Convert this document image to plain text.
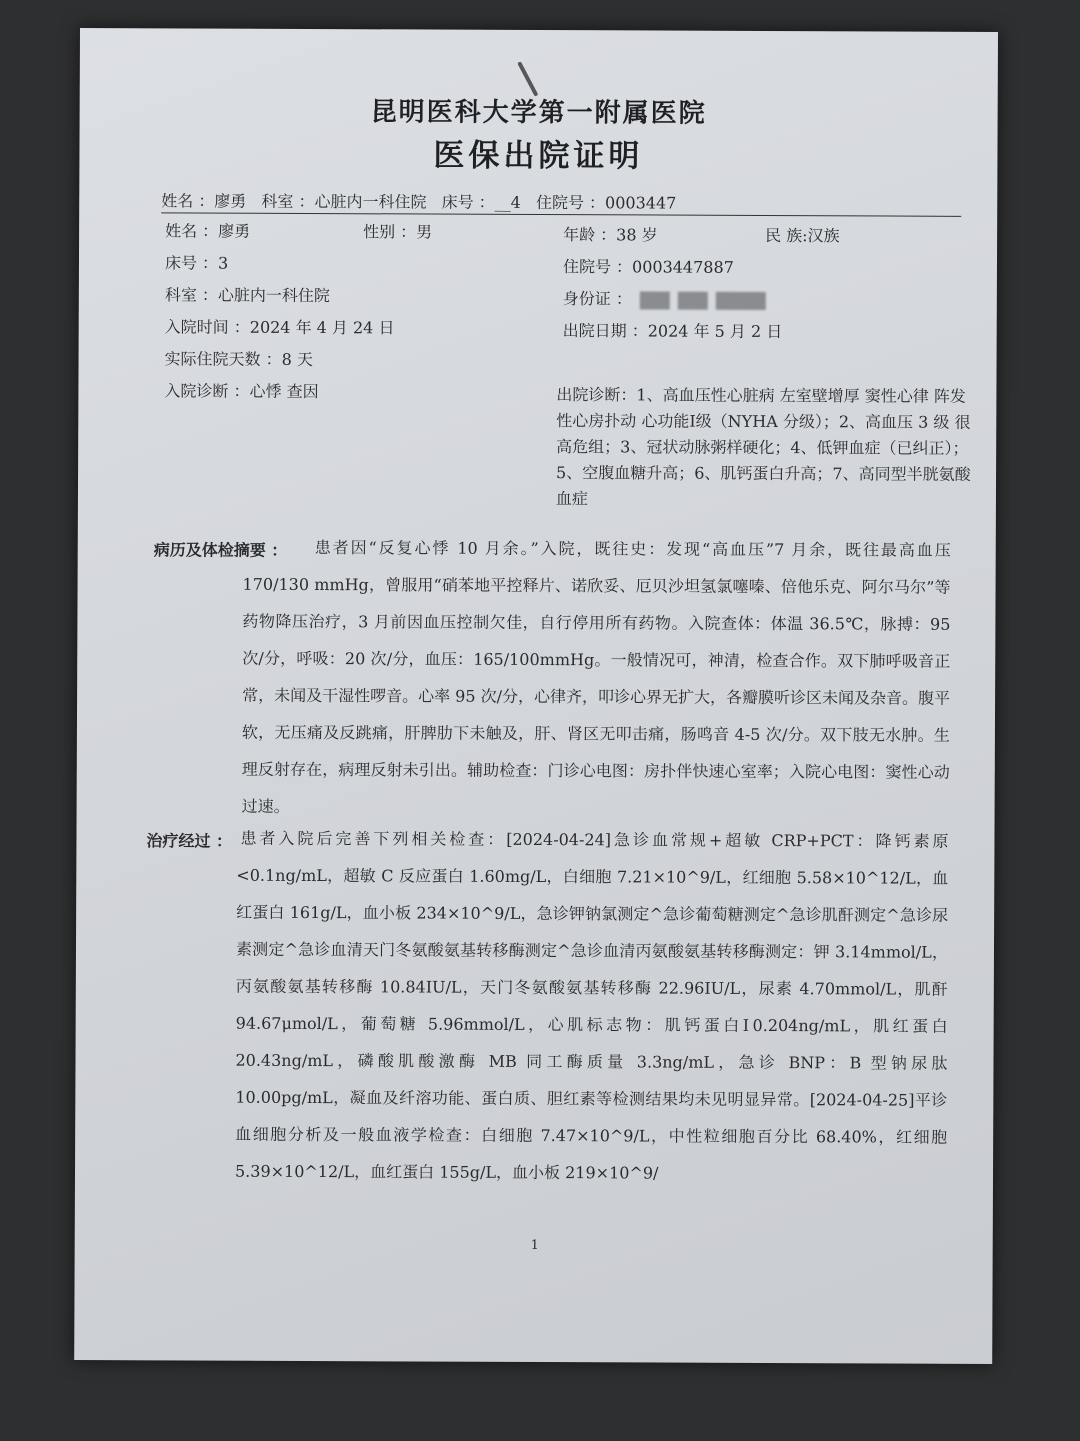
昆明医科大学第一附属医院
医保出院证明
姓名 ：廖勇 科室 ：心脏内一科住院 床号 ：__4 住院号 ：0003447
姓名 ：廖勇	性别 ：男	年龄 ：38 岁	民 族:汉族
床号 ：3	住院号 ：0003447887
科室 ：心脏内一科住院	身份证 ：
入院时间 ：2024 年 4 月 24 日	出院日期 ：2024 年 5 月 2 日
实际住院天数 ：8 天
入院诊断 ：心悸 查因	出院诊断：1、高血压性心脏病 左室壁增厚 窦性心律 阵发性心房扑动 心功能Ⅰ级（NYHA 分级）；2、高血压 3 级 很高危组；3、冠状动脉粥样硬化；4、低钾血症（已纠正）；5、空腹血糖升高；6、肌钙蛋白升高；7、高同型半胱氨酸血症
病历及体检摘要 ：	患者因“反复心悸 10 月余。”入院，既往史：发现“高血压”7 月余，既往最高血压 170/130 mmHg，曾服用“硝苯地平控释片、诺欣妥、厄贝沙坦氢氯噻嗪、倍他乐克、阿尔马尔”等药物降压治疗，3 月前因血压控制欠佳，自行停用所有药物。入院查体：体温 36.5℃，脉搏：95 次/分，呼吸：20 次/分，血压：165/100mmHg。一般情况可，神清，检查合作。双下肺呼吸音正常，未闻及干湿性啰音。心率 95 次/分，心律齐，叩诊心界无扩大，各瓣膜听诊区未闻及杂音。腹平软，无压痛及反跳痛，肝脾肋下未触及，肝、肾区无叩击痛，肠鸣音 4-5 次/分。双下肢无水肿。生理反射存在，病理反射未引出。辅助检查：门诊心电图：房扑伴快速心室率；入院心电图：窦性心动过速。
治疗经过 ： 患者入院后完善下列相关检查：[2024-04-24]急诊血常规+超敏 CRP+PCT：降钙素原 <0.1ng/mL，超敏 C 反应蛋白 1.60mg/L，白细胞 7.21×10^9/L，红细胞 5.58×10^12/L，血红蛋白 161g/L，血小板 234×10^9/L，急诊钾钠氯测定^急诊葡萄糖测定^急诊肌酐测定^急诊尿素测定^急诊血清天门冬氨酸氨基转移酶测定^急诊血清丙氨酸氨基转移酶测定：钾 3.14mmol/L，丙氨酸氨基转移酶 10.84IU/L，天门冬氨酸氨基转移酶 22.96IU/L，尿素 4.70mmol/L，肌酐 94.67μmol/L，葡萄糖 5.96mmol/L，心肌标志物：肌钙蛋白Ⅰ0.204ng/mL，肌红蛋白 20.43ng/mL，磷酸肌酸激酶 MB 同工酶质量 3.3ng/mL，急诊 BNP：B 型钠尿肽 10.00pg/mL，凝血及纤溶功能、蛋白质、胆红素等检测结果均未见明显异常。[2024-04-25]平诊血细胞分析及一般血液学检查：白细胞 7.47×10^9/L，中性粒细胞百分比 68.40%，红细胞 5.39×10^12/L，血红蛋白 155g/L，血小板 219×10^9/
1
